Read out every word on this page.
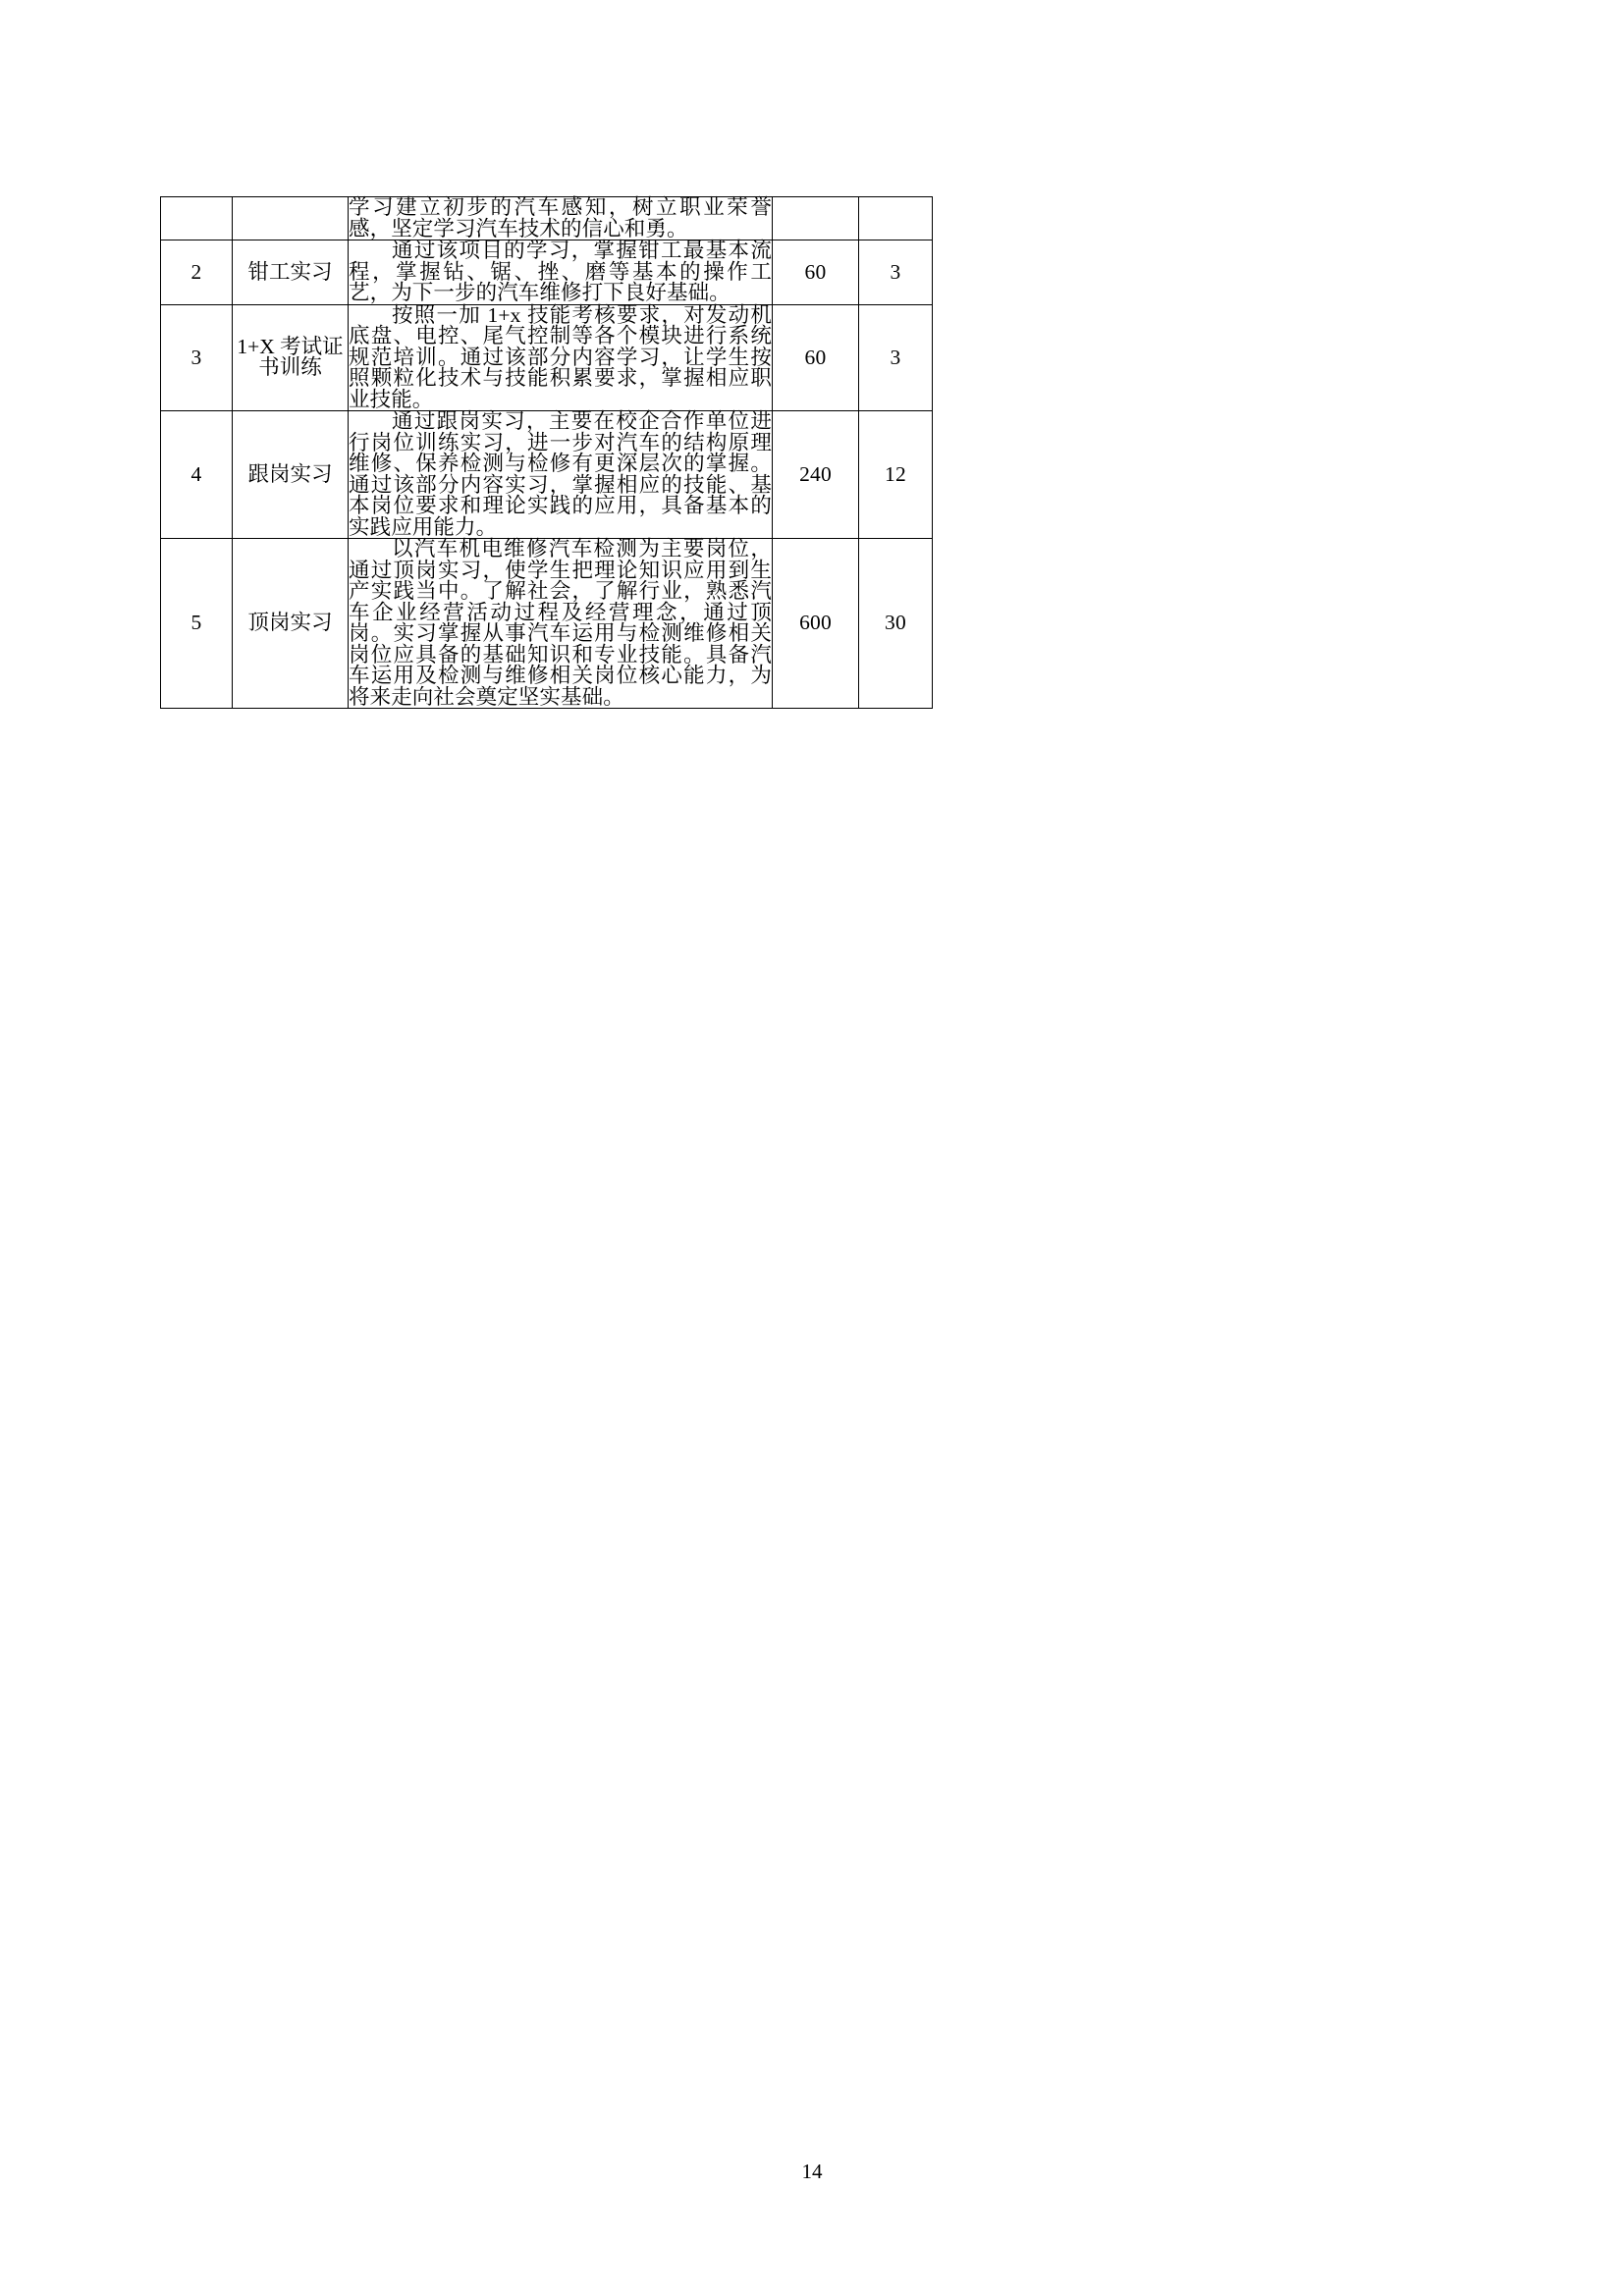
		学习建立初步的汽车感知，树立职业荣誉感，坚定学习汽车技术的信心和勇。		
2	钳工实习	通过该项目的学习，掌握钳工最基本流程，掌握钻、锯、挫、磨等基本的操作工艺，为下一步的汽车维修打下良好基础。	60	3
3	1+X 考试证书训练	按照一加 1+x 技能考核要求，对发动机底盘、电控、尾气控制等各个模块进行系统规范培训。通过该部分内容学习，让学生按照颗粒化技术与技能积累要求，掌握相应职业技能。	60	3
4	跟岗实习	通过跟岗实习，主要在校企合作单位进行岗位训练实习，进一步对汽车的结构原理维修、保养检测与检修有更深层次的掌握。通过该部分内容实习，掌握相应的技能、基本岗位要求和理论实践的应用，具备基本的实践应用能力。	240	12
5	顶岗实习	以汽车机电维修汽车检测为主要岗位，通过顶岗实习，使学生把理论知识应用到生产实践当中。了解社会，了解行业，熟悉汽车企业经营活动过程及经营理念，通过顶岗。实习掌握从事汽车运用与检测维修相关岗位应具备的基础知识和专业技能。具备汽车运用及检测与维修相关岗位核心能力，为将来走向社会奠定坚实基础。	600	30
14
